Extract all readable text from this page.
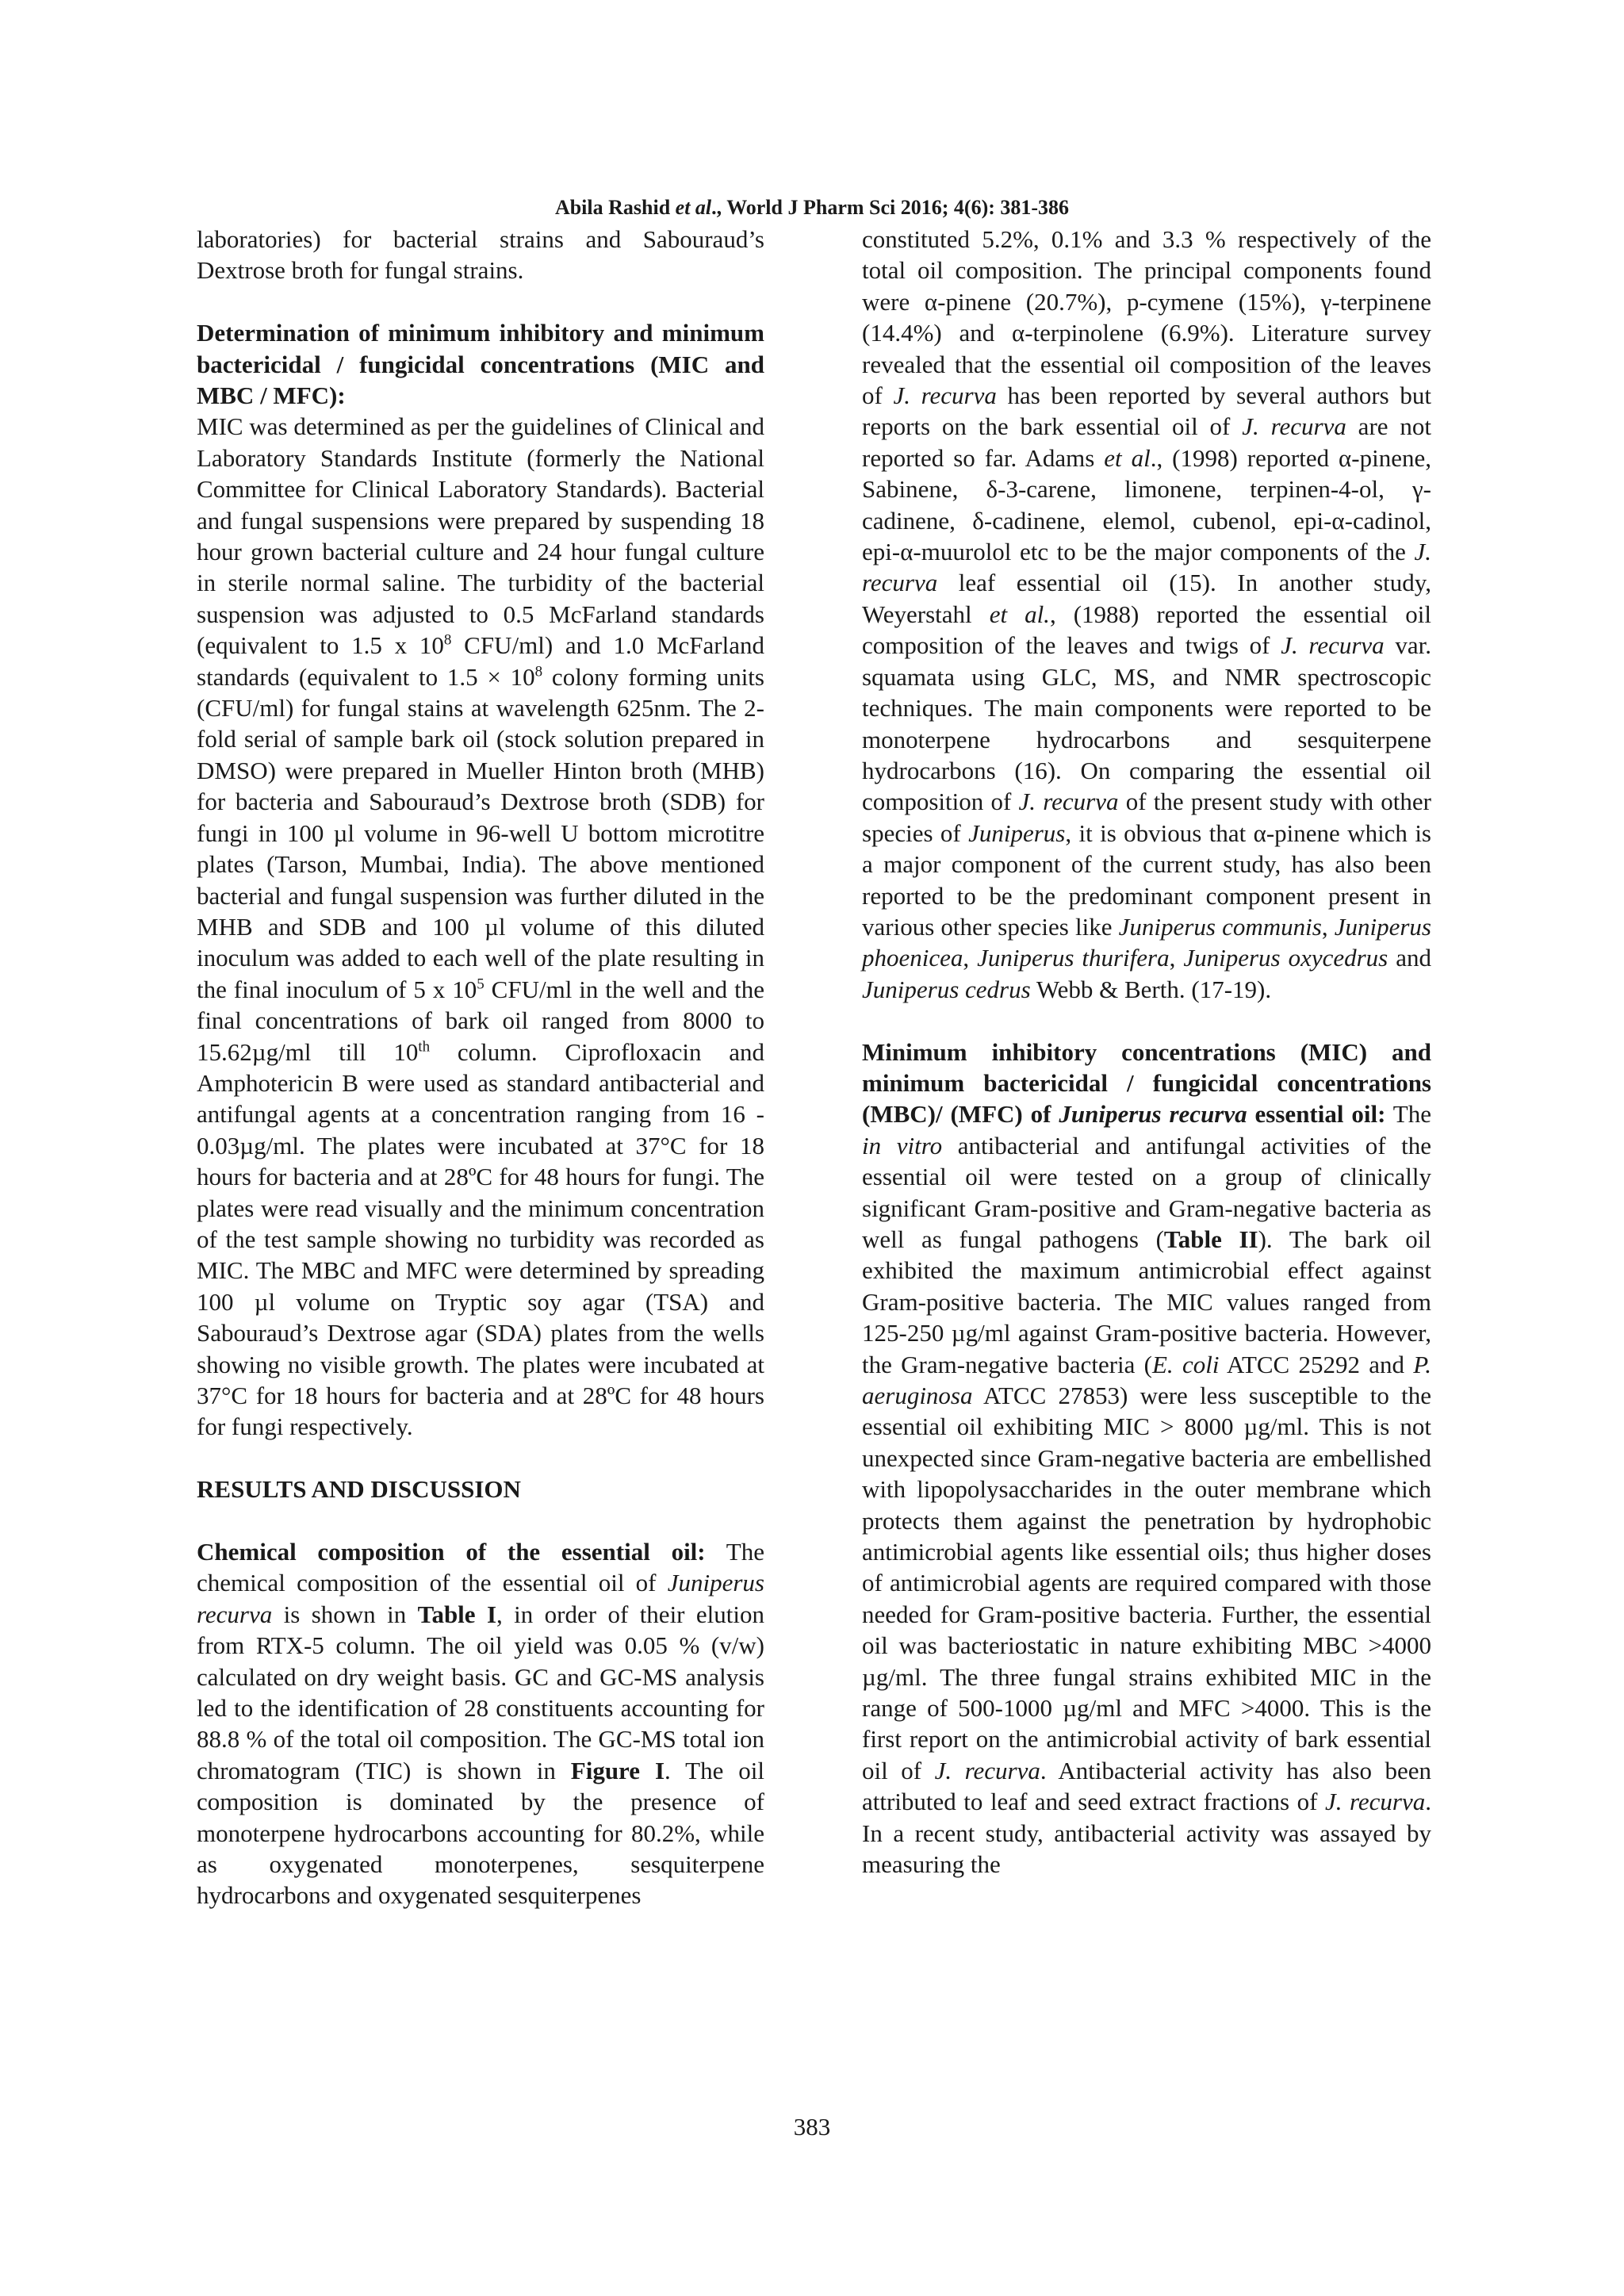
Abila Rashid et al., World J Pharm Sci 2016; 4(6): 381-386

laboratories) for bacterial strains and Sabouraud’s Dextrose broth for fungal strains.

Determination of minimum inhibitory and minimum bactericidal / fungicidal concentrations (MIC and MBC / MFC):
MIC was determined as per the guidelines of Clinical and Laboratory Standards Institute (formerly the National Committee for Clinical Laboratory Standards). Bacterial and fungal suspensions were prepared by suspending 18 hour grown bacterial culture and 24 hour fungal culture in sterile normal saline. The turbidity of the bacterial suspension was adjusted to 0.5 McFarland standards (equivalent to 1.5 x $10^8$ CFU/ml) and 1.0 McFarland standards (equivalent to $1.5 \times 10^8$ colony forming units (CFU/ml) for fungal stains at wavelength 625nm. The 2-fold serial of sample bark oil (stock solution prepared in DMSO) were prepared in Mueller Hinton broth (MHB) for bacteria and Sabouraud’s Dextrose broth (SDB) for fungi in 100 µl volume in 96-well U bottom microtitre plates (Tarson, Mumbai, India). The above mentioned bacterial and fungal suspension was further diluted in the MHB and SDB and 100 µl volume of this diluted inoculum was added to each well of the plate resulting in the final inoculum of 5 x $10^5$ CFU/ml in the well and the final concentrations of bark oil ranged from 8000 to 15.62µg/ml till 10th column. Ciprofloxacin and Amphotericin B were used as standard antibacterial and antifungal agents at a concentration ranging from 16 - 0.03µg/ml. The plates were incubated at 37°C for 18 hours for bacteria and at 28ºC for 48 hours for fungi. The plates were read visually and the minimum concentration of the test sample showing no turbidity was recorded as MIC. The MBC and MFC were determined by spreading 100 µl volume on Tryptic soy agar (TSA) and Sabouraud’s Dextrose agar (SDA) plates from the wells showing no visible growth. The plates were incubated at 37°C for 18 hours for bacteria and at 28ºC for 48 hours for fungi respectively.

RESULTS AND DISCUSSION

Chemical composition of the essential oil: The chemical composition of the essential oil of Juniperus recurva is shown in Table I, in order of their elution from RTX-5 column. The oil yield was 0.05 % (v/w) calculated on dry weight basis. GC and GC-MS analysis led to the identification of 28 constituents accounting for 88.8 % of the total oil composition. The GC-MS total ion chromatogram (TIC) is shown in Figure I. The oil composition is dominated by the presence of monoterpene hydrocarbons accounting for 80.2%, while as oxygenated monoterpenes, sesquiterpene hydrocarbons and oxygenated sesquiterpenes

constituted 5.2%, 0.1% and 3.3 % respectively of the total oil composition. The principal components found were α-pinene (20.7%), p-cymene (15%), γ-terpinene (14.4%) and α-terpinolene (6.9%). Literature survey revealed that the essential oil composition of the leaves of J. recurva has been reported by several authors but reports on the bark essential oil of J. recurva are not reported so far. Adams et al., (1998) reported α-pinene, Sabinene, δ-3-carene, limonene, terpinen-4-ol, γ-cadinene, δ-cadinene, elemol, cubenol, epi-α-cadinol, epi-α-muurolol etc to be the major components of the J. recurva leaf essential oil (15). In another study, Weyerstahl et al., (1988) reported the essential oil composition of the leaves and twigs of J. recurva var. squamata using GLC, MS, and NMR spectroscopic techniques. The main components were reported to be monoterpene hydrocarbons and sesquiterpene hydrocarbons (16). On comparing the essential oil composition of J. recurva of the present study with other species of Juniperus, it is obvious that α-pinene which is a major component of the current study, has also been reported to be the predominant component present in various other species like Juniperus communis, Juniperus phoenicea, Juniperus thurifera, Juniperus oxycedrus and Juniperus cedrus Webb & Berth. (17-19).

Minimum inhibitory concentrations (MIC) and minimum bactericidal / fungicidal concentrations (MBC)/ (MFC) of Juniperus recurva essential oil: The in vitro antibacterial and antifungal activities of the essential oil were tested on a group of clinically significant Gram-positive and Gram-negative bacteria as well as fungal pathogens (Table II). The bark oil exhibited the maximum antimicrobial effect against Gram-positive bacteria. The MIC values ranged from 125-250 µg/ml against Gram-positive bacteria. However, the Gram-negative bacteria (E. coli ATCC 25292 and P. aeruginosa ATCC 27853) were less susceptible to the essential oil exhibiting MIC > 8000 µg/ml. This is not unexpected since Gram-negative bacteria are embellished with lipopolysaccharides in the outer membrane which protects them against the penetration by hydrophobic antimicrobial agents like essential oils; thus higher doses of antimicrobial agents are required compared with those needed for Gram-positive bacteria. Further, the essential oil was bacteriostatic in nature exhibiting MBC >4000 µg/ml. The three fungal strains exhibited MIC in the range of 500-1000 µg/ml and MFC >4000. This is the first report on the antimicrobial activity of bark essential oil of J. recurva. Antibacterial activity has also been attributed to leaf and seed extract fractions of J. recurva. In a recent study, antibacterial activity was assayed by measuring the

383
